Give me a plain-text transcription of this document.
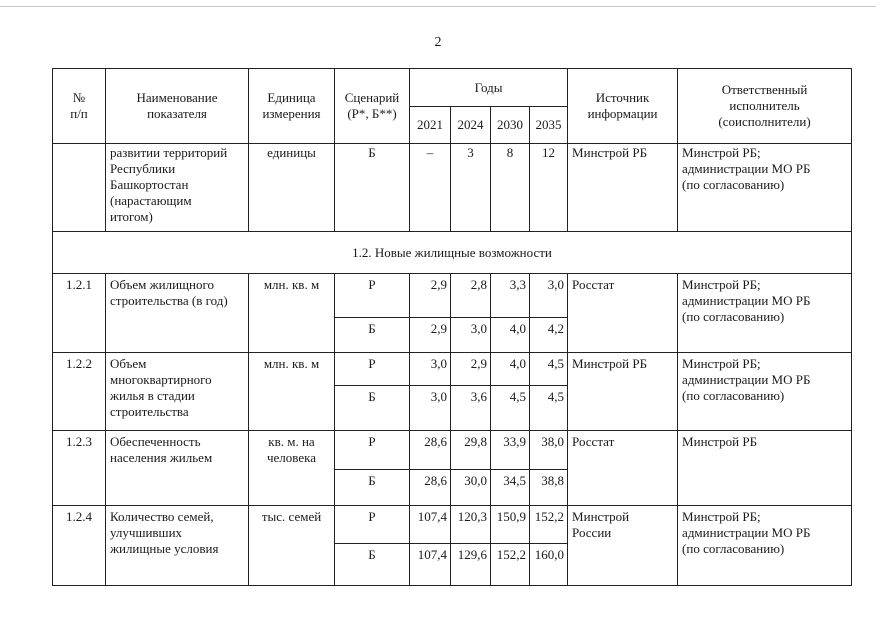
2
№
п/п	Наименование
показателя	Единица
измерения	Сценарий
(Р*, Б**)	Годы				Источник
информации	Ответственный
исполнитель
(соисполнители)
				2021	2024	2030	2035		
	развитии территорий
Республики
Башкортостан
(нарастающим
итогом)	единицы	Б	–	3	8	12	Минстрой РБ	Минстрой РБ;
администрации МО РБ
(по согласованию)
1.2. Новые жилищные возможности									
1.2.1	Объем жилищного
строительства (в год)	млн. кв. м	Р	2,9	2,8	3,3	3,0	Росстат	Минстрой РБ;
администрации МО РБ
(по согласованию)
			Б	2,9	3,0	4,0	4,2		
1.2.2	Объем
многоквартирного
жилья в стадии
строительства	млн. кв. м	Р	3,0	2,9	4,0	4,5	Минстрой РБ	Минстрой РБ;
администрации МО РБ
(по согласованию)
			Б	3,0	3,6	4,5	4,5		
1.2.3	Обеспеченность
населения жильем	кв. м. на
человека	Р	28,6	29,8	33,9	38,0	Росстат	Минстрой РБ
			Б	28,6	30,0	34,5	38,8		
1.2.4	Количество семей,
улучшивших
жилищные условия	тыс. семей	Р	107,4	120,3	150,9	152,2	Минстрой
России	Минстрой РБ;
администрации МО РБ
(по согласованию)
			Б	107,4	129,6	152,2	160,0		
